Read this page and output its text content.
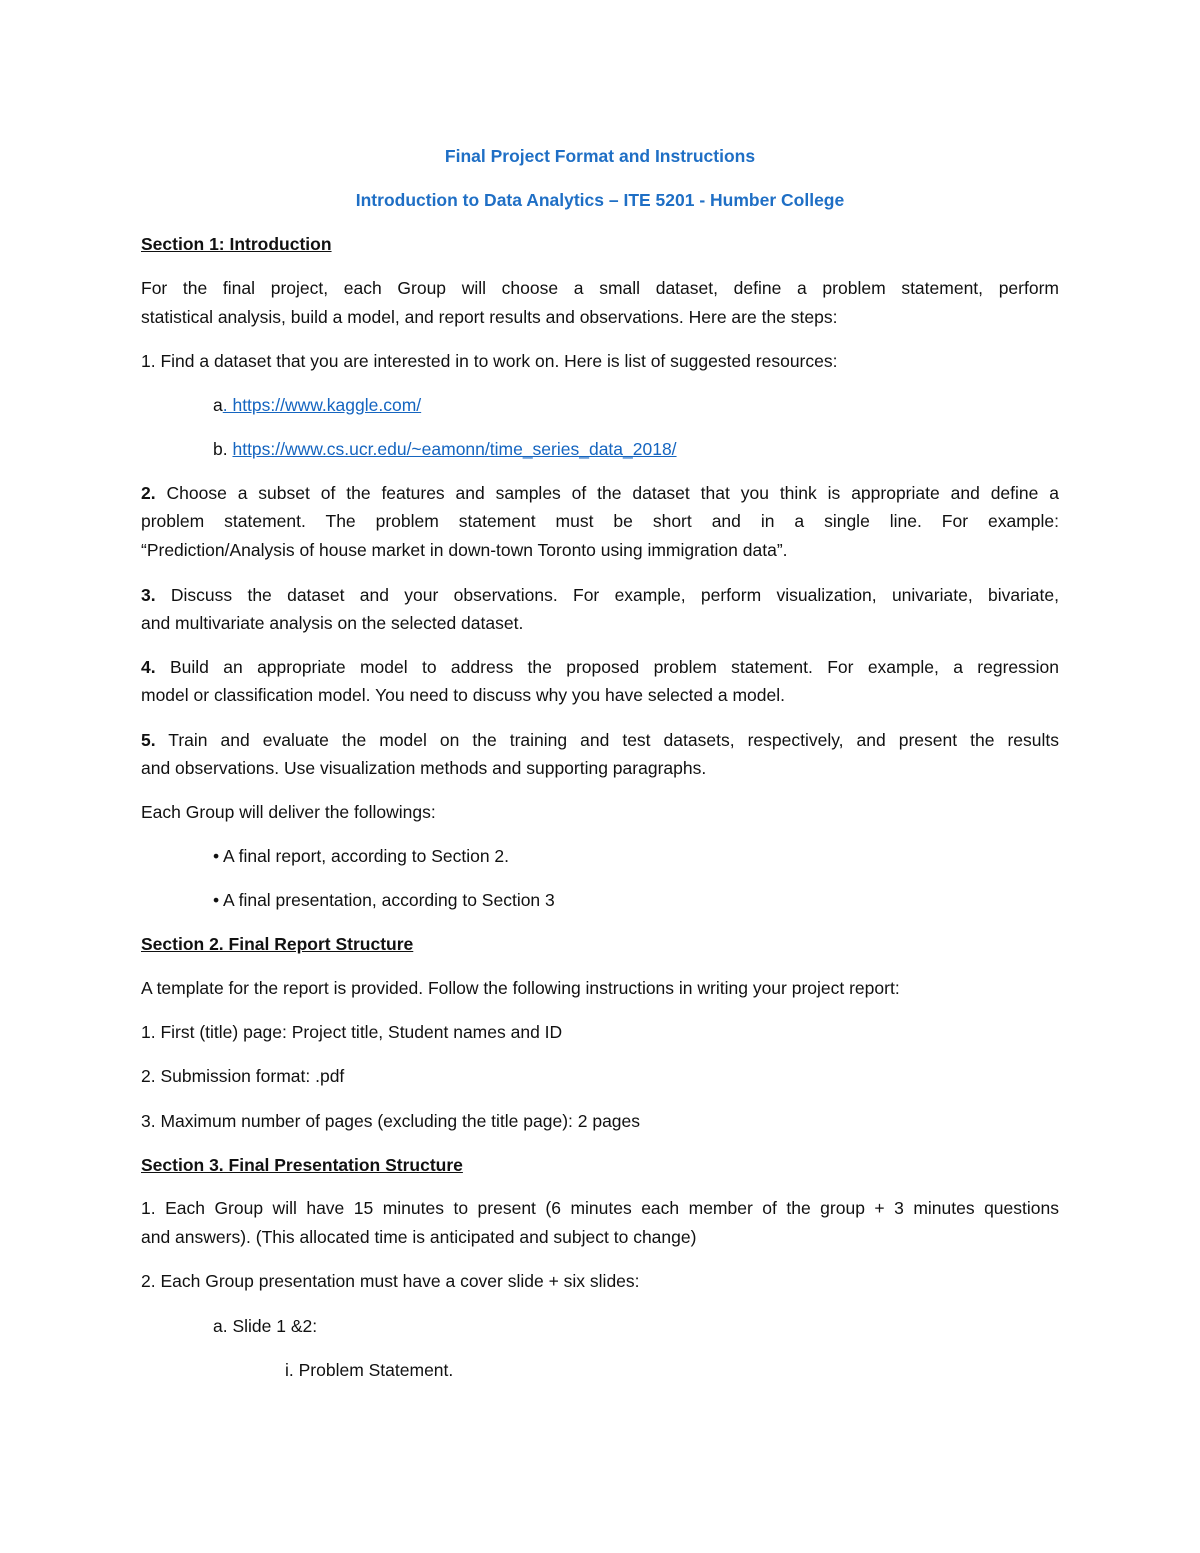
Final Project Format and Instructions
Introduction to Data Analytics – ITE 5201 - Humber College
Section 1: Introduction
For the final project, each Group will choose a small dataset, define a problem statement, perform
statistical analysis, build a model, and report results and observations. Here are the steps:
1. Find a dataset that you are interested in to work on. Here is list of suggested resources:
a. https://www.kaggle.com/
b. https://www.cs.ucr.edu/~eamonn/time_series_data_2018/
2. Choose a subset of the features and samples of the dataset that you think is appropriate and define a
problem statement. The problem statement must be short and in a single line. For example:
“Prediction/Analysis of house market in down-town Toronto using immigration data”.
3. Discuss the dataset and your observations. For example, perform visualization, univariate, bivariate,
and multivariate analysis on the selected dataset.
4. Build an appropriate model to address the proposed problem statement. For example, a regression
model or classification model. You need to discuss why you have selected a model.
5. Train and evaluate the model on the training and test datasets, respectively, and present the results
and observations. Use visualization methods and supporting paragraphs.
Each Group will deliver the followings:
• A final report, according to Section 2.
• A final presentation, according to Section 3
Section 2. Final Report Structure
A template for the report is provided. Follow the following instructions in writing your project report:
1. First (title) page: Project title, Student names and ID
2. Submission format: .pdf
3. Maximum number of pages (excluding the title page): 2 pages
Section 3. Final Presentation Structure
1. Each Group will have 15 minutes to present (6 minutes each member of the group + 3 minutes questions
and answers). (This allocated time is anticipated and subject to change)
2. Each Group presentation must have a cover slide + six slides:
a. Slide 1 &2:
i. Problem Statement.
